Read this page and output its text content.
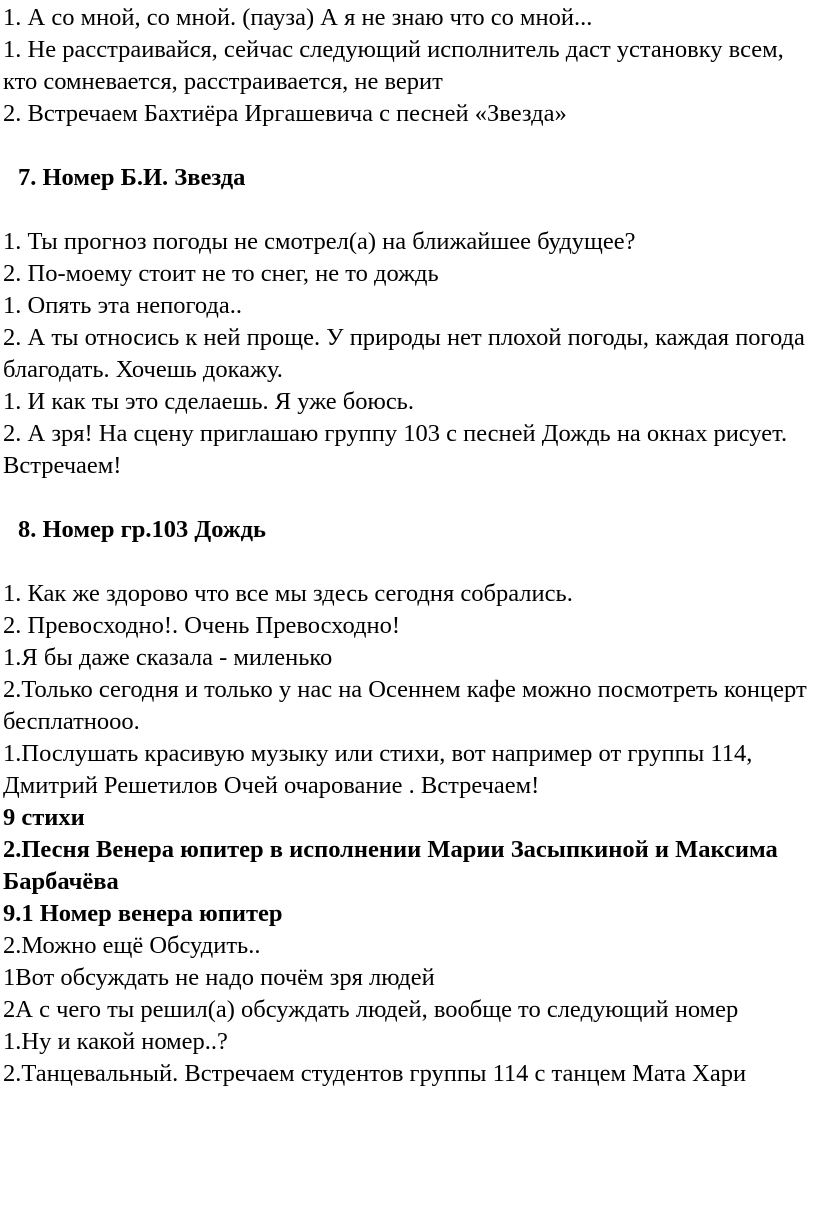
1. А со мной, со мной. (пауза) А я не знаю что со мной...

1. Не расстраивайся, сейчас следующий исполнитель даст установку всем, кто сомневается, расстраивается, не верит

2. Встречаем Бахтиёра Иргашевича с песней «Звезда»

7. Номер Б.И. Звезда

1. Ты прогноз погоды не смотрел(а) на ближайшее будущее?

2. По-моему стоит не то снег, не то дождь

1. Опять эта непогода..

2. А ты относись к ней проще. У природы нет плохой погоды, каждая погода благодать. Хочешь докажу.

1. И как ты это сделаешь. Я уже боюсь.

2. А зря! На сцену приглашаю группу 103 с песней Дождь на окнах рисует. Встречаем!

8. Номер гр.103 Дождь

1. Как же здорово что все мы здесь сегодня собрались.

2. Превосходно!. Очень Превосходно!

1.Я бы даже сказала - миленько

2.Только сегодня и только у нас на Осеннем кафе можно посмотреть концерт бесплатнооо.

1.Послушать красивую музыку или стихи, вот например от группы 114, Дмитрий Решетилов Очей очарование . Встречаем!

9 стихи

2.Песня Венера юпитер в исполнении Марии Засыпкиной и Максима Барбачёва

9.1 Номер венера юпитер

2.Можно ещё Обсудить..

1Вот обсуждать не надо почём зря людей

2А с чего ты решил(а) обсуждать людей, вообще то следующий номер

1.Ну и какой номер..?

2.Танцевальный. Встречаем студентов группы 114 с танцем Мата Хари
